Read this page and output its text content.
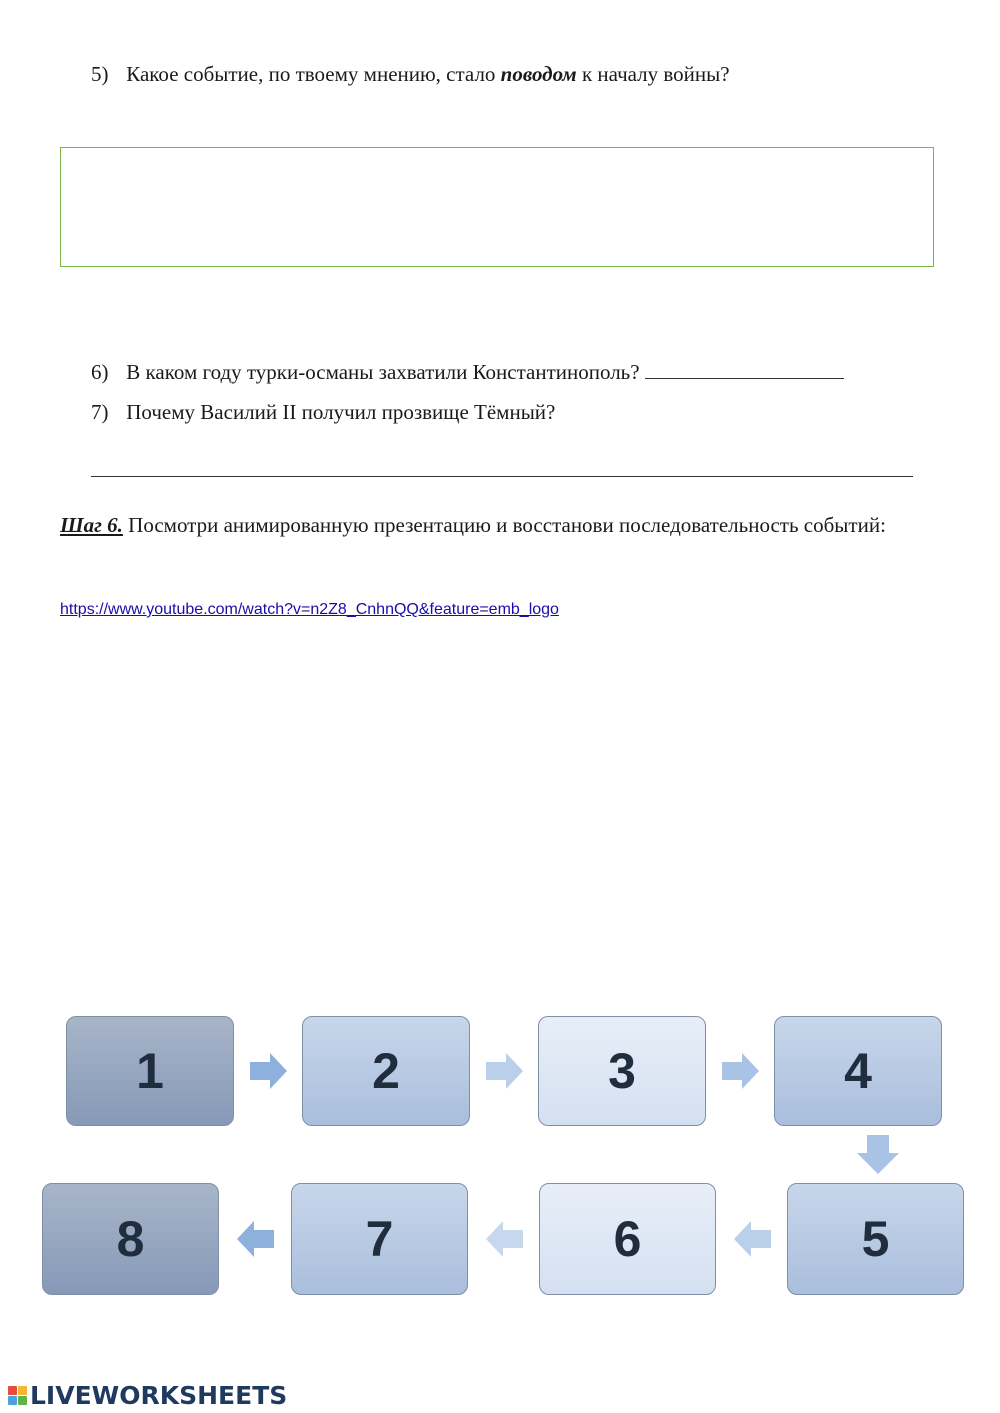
5) Какое событие, по твоему мнению, стало поводом к началу войны?
6) В каком году турки-османы захватили Константинополь?
7) Почему Василий II получил прозвище Тёмный?
Шаг 6. Посмотри анимированную презентацию и восстанови последовательность событий:
https://www.youtube.com/watch?v=n2Z8_CnhnQQ&feature=emb_logo
1	2	3	4
8	7	6	5
LIVEWORKSHEETS
